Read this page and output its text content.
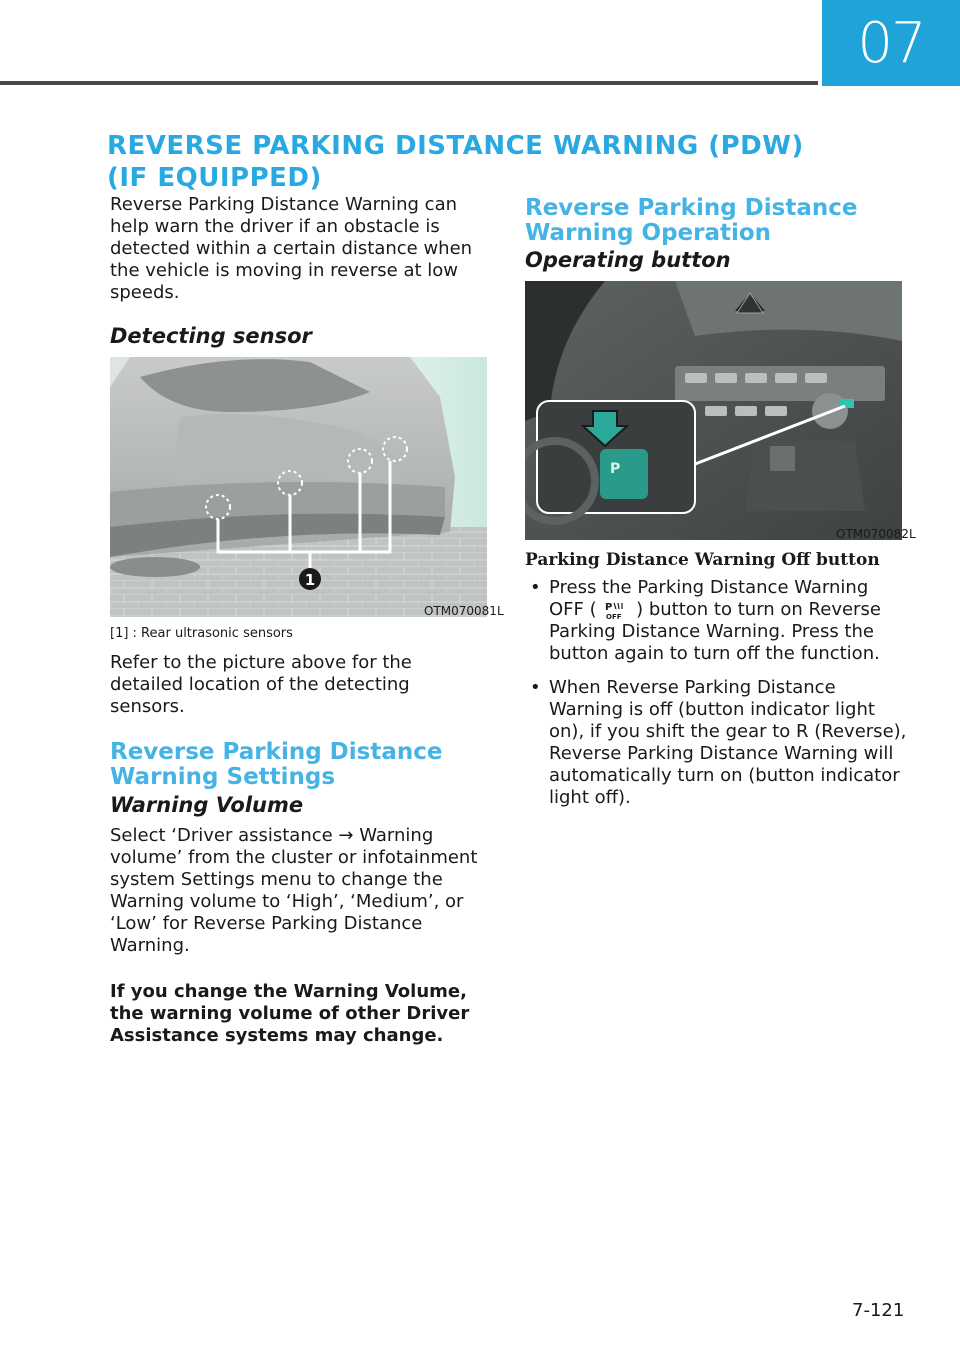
07
REVERSE PARKING DISTANCE WARNING (PDW)
(IF EQUIPPED)

Reverse Parking Distance Warning can help warn the driver if an obstacle is detected within a certain distance when the vehicle is moving in reverse at low speeds.

Detecting sensor

1
OTM070081L
[1] : Rear ultrasonic sensors

Refer to the picture above for the detailed location of the detecting sensors.

Reverse Parking Distance

Warning Settings

Warning Volume

Select ‘Driver assistance → Warning volume’ from the cluster or infotainment system Settings menu to change the Warning volume to ‘High’, ‘Medium’, or ‘Low’ for Reverse Parking Distance Warning.

If you change the Warning Volume, the warning volume of other Driver Assistance systems may change.

Reverse Parking Distance

Warning Operation

Operating button

P
OTM070082L

Parking Distance Warning Off button

• Press the Parking Distance Warning OFF ( P
OFF ) button to turn on Reverse Parking Distance Warning. Press the button again to turn off the function.
• When Reverse Parking Distance Warning is off (button indicator light on), if you shift the gear to R (Reverse), Reverse Parking Distance Warning will automatically turn on (button indicator light off).
7-121
